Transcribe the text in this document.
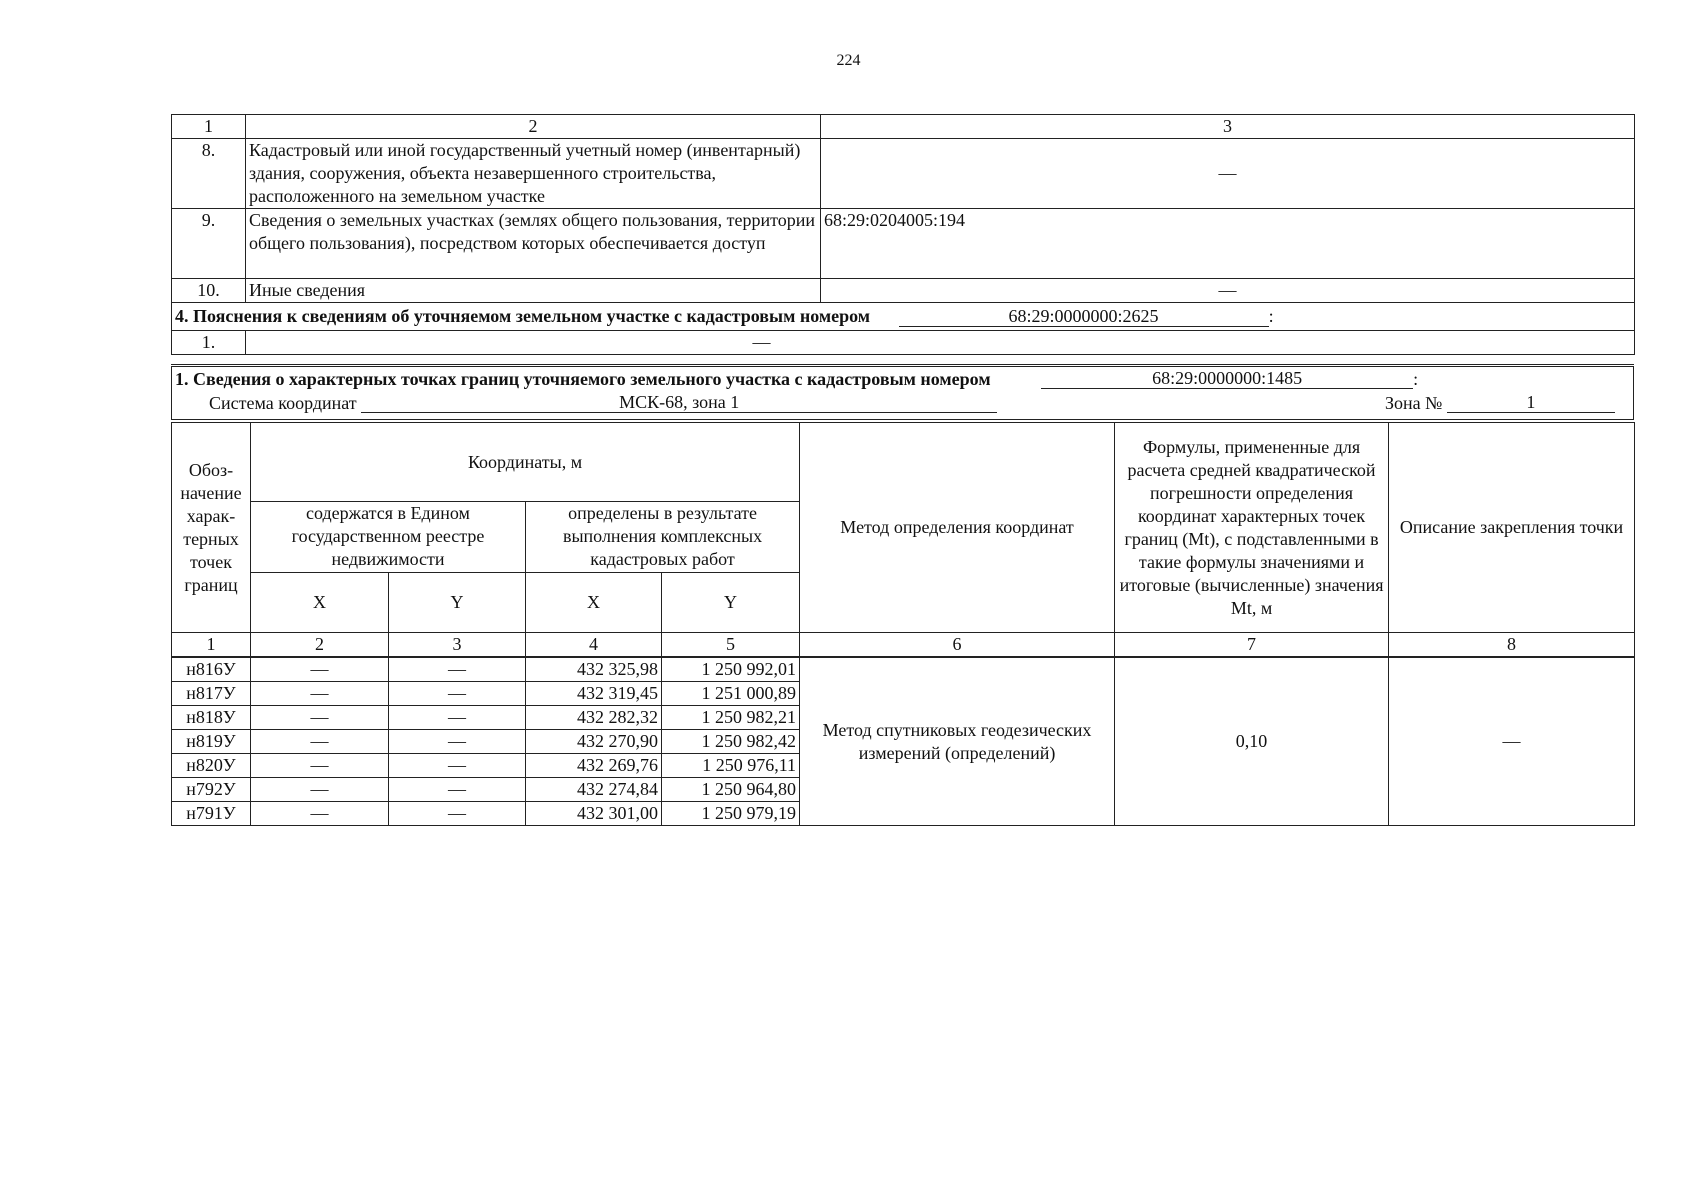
224
1	2	3
8.	Кадастровый или иной государственный учетный номер (инвентарный) здания, сооружения, объекта незавершенного строительства, расположенного на земельном участке	—
9.	Сведения о земельных участках (землях общего пользования, территории общего пользования), посредством которых обеспечивается доступ	68:29:0204005:194
10.	Иные сведения	—
4. Пояснения к сведениям об уточняемом земельном участке с кадастровым номером 68:29:0000000:2625 :		
1.	—	
1. Сведения о характерных точках границ уточняемого земельного участка с кадастровым номером	68:29:0000000:1485	:
Система координат	МСК-68, зона 1	Зона №	1
Обоз-начение харак-терных точек границ	Координаты, м				Метод определения координат	Формулы, примененные для расчета средней квадратической погрешности определения координат характерных точек границ (Mt), с подставленными в такие формулы значениями и итоговые (вычисленные) значения Mt, м	Описание закрепления точки
	содержатся в Едином государственном реестре недвижимости		определены в результате выполнения комплексных кадастровых работ				
	X	Y	X	Y			
1	2	3	4	5	6	7	8
н816У	—	—	432 325,98	1 250 992,01	Метод спутниковых геодезических измерений (определений)	0,10	—
н817У	—	—	432 319,45	1 251 000,89			
н818У	—	—	432 282,32	1 250 982,21			
н819У	—	—	432 270,90	1 250 982,42			
н820У	—	—	432 269,76	1 250 976,11			
н792У	—	—	432 274,84	1 250 964,80			
н791У	—	—	432 301,00	1 250 979,19			
